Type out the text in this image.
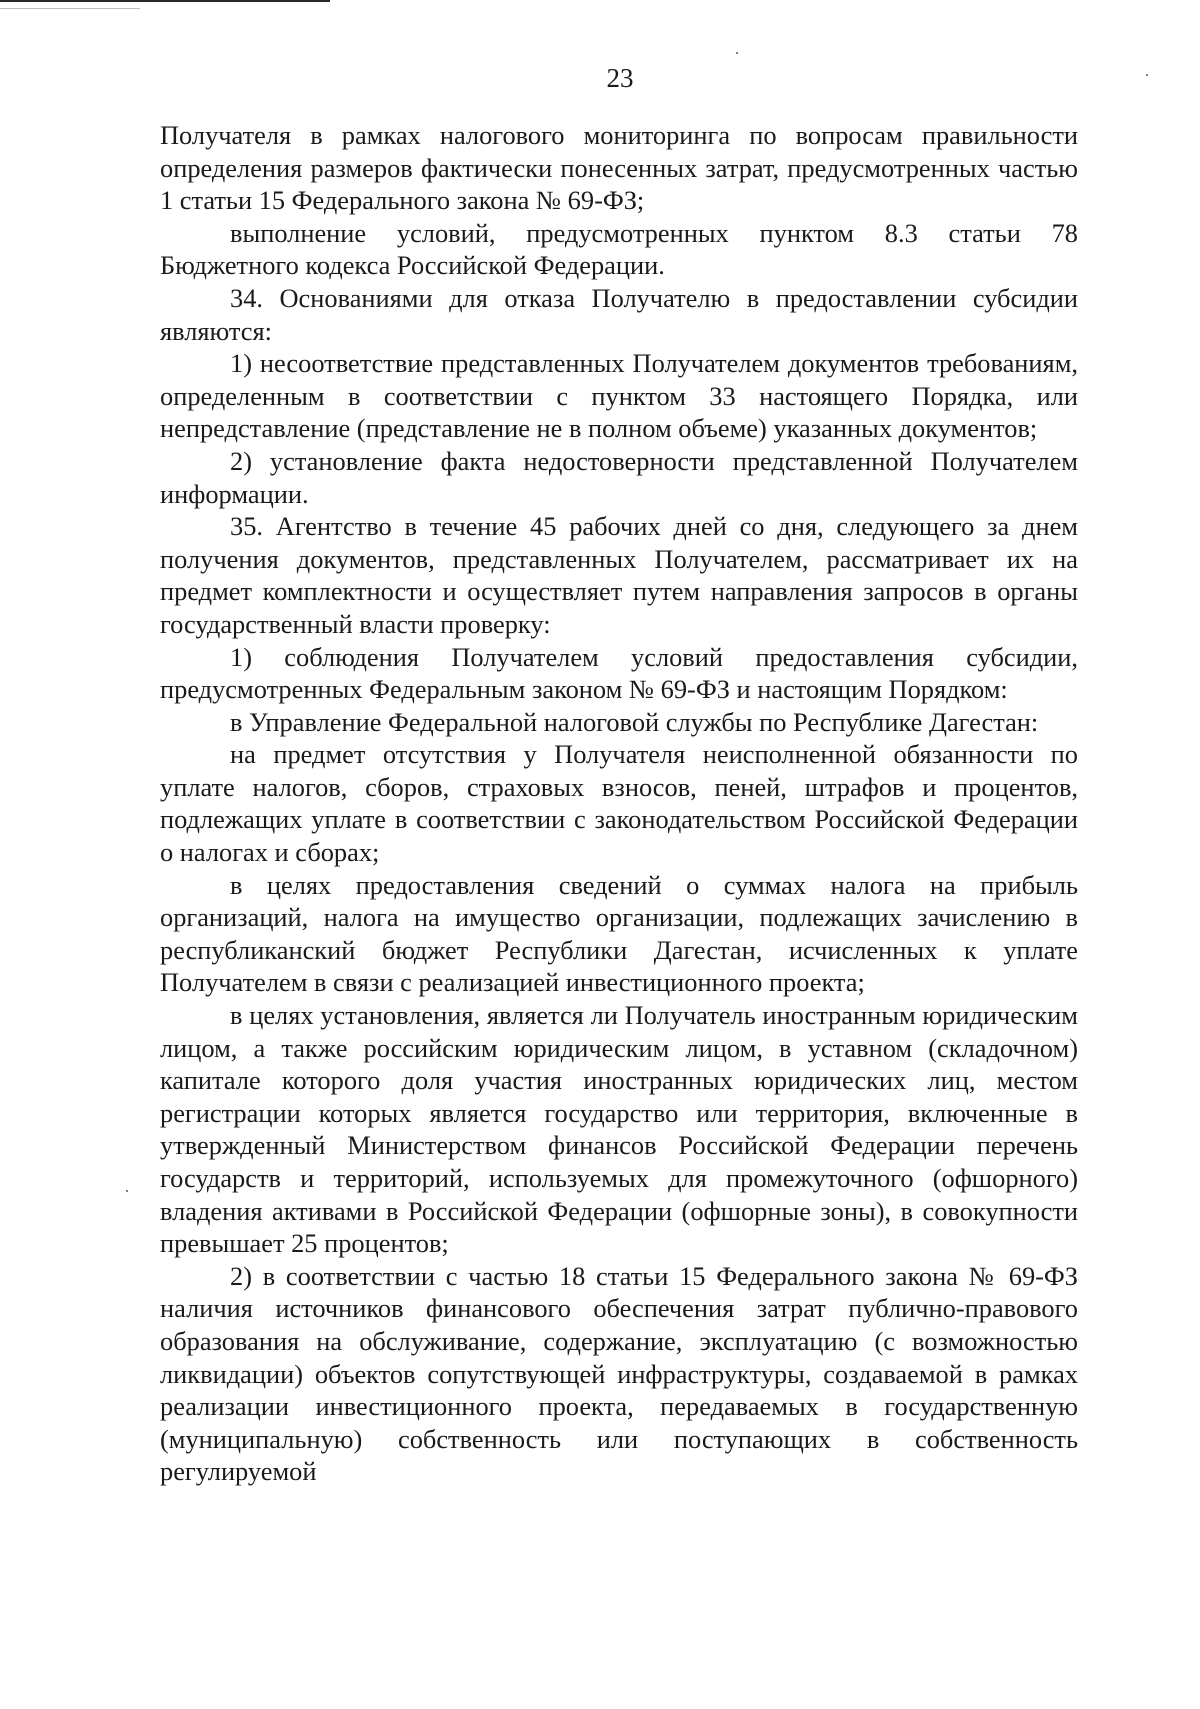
23

Получателя в рамках налогового мониторинга по вопросам правильности определения размеров фактически понесенных затрат, предусмотренных частью 1 статьи 15 Федерального закона № 69-ФЗ;

выполнение условий, предусмотренных пунктом 8.3 статьи 78 Бюджетного кодекса Российской Федерации.

34. Основаниями для отказа Получателю в предоставлении субсидии являются:

1) несоответствие представленных Получателем документов требованиям, определенным в соответствии с пунктом 33 настоящего Порядка, или непредставление (представление не в полном объеме) указанных документов;

2) установление факта недостоверности представленной Получателем информации.

35. Агентство в течение 45 рабочих дней со дня, следующего за днем получения документов, представленных Получателем, рассматривает их на предмет комплектности и осуществляет путем направления запросов в органы государственный власти проверку:

1) соблюдения Получателем условий предоставления субсидии, предусмотренных Федеральным законом № 69-ФЗ и настоящим Порядком:

в Управление Федеральной налоговой службы по Республике Дагестан:

на предмет отсутствия у Получателя неисполненной обязанности по уплате налогов, сборов, страховых взносов, пеней, штрафов и процентов, подлежащих уплате в соответствии с законодательством Российской Федерации о налогах и сборах;

в целях предоставления сведений о суммах налога на прибыль организаций, налога на имущество организации, подлежащих зачислению в республиканский бюджет Республики Дагестан, исчисленных к уплате Получателем в связи с реализацией инвестиционного проекта;

в целях установления, является ли Получатель иностранным юридическим лицом, а также российским юридическим лицом, в уставном (складочном) капитале которого доля участия иностранных юридических лиц, местом регистрации которых является государство или территория, включенные в утвержденный Министерством финансов Российской Федерации перечень государств и территорий, используемых для промежуточного (офшорного) владения активами в Российской Федерации (офшорные зоны), в совокупности превышает 25 процентов;

2) в соответствии с частью 18 статьи 15 Федерального закона № 69-ФЗ наличия источников финансового обеспечения затрат публично-правового образования на обслуживание, содержание, эксплуатацию (с возможностью ликвидации) объектов сопутствующей инфраструктуры, создаваемой в рамках реализации инвестиционного проекта, передаваемых в государственную (муниципальную) собственность или поступающих в собственность регулируемой
